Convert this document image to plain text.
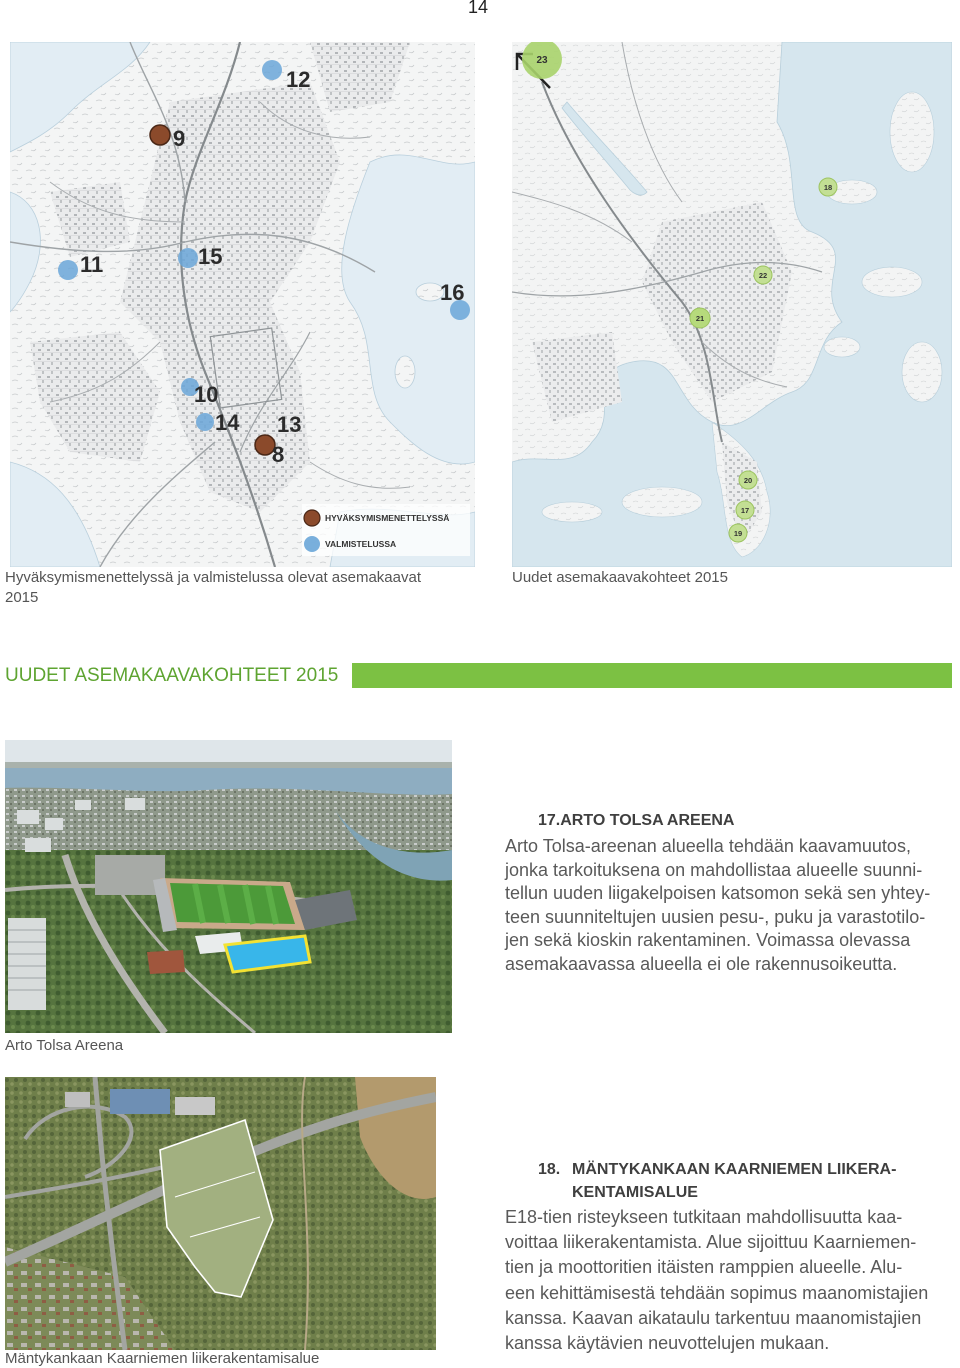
14
12
9
11	15
16
10
14 13
8
HYVÄKSYMISMENETTELYSSÄ
VALMISTELUSSA
23
18
22
21
20
17
19
Hyväksymismenettelyssä ja valmistelussa olevat asemakaavat 2015
Uudet asemakaavakohteet 2015
UUDET ASEMAKAAVAKOHTEET 2015
17.ARTO TOLSA AREENA
Arto Tolsa-areenan alueella tehdään kaavamuutos,
jonka tarkoituksena on mahdollistaa alueelle suunni-
tellun uuden liigakelpoisen katsomon sekä sen yhtey-
teen suunniteltujen uusien pesu-, puku ja varastotilo-
jen sekä kioskin rakentaminen. Voimassa olevassa
asemakaavassa alueella ei ole rakennusoikeutta.
Arto Tolsa Areena
18. MÄNTYKANKAAN KAARNIEMEN LIIKERA-
KENTAMISALUE
E18-tien risteykseen tutkitaan mahdollisuutta kaa-
voittaa liikerakentamista. Alue sijoittuu Kaarniemen-
tien ja moottoritien itäisten ramppien alueelle. Alu-
een kehittämisestä tehdään sopimus maanomistajien
kanssa. Kaavan aikataulu tarkentuu maanomistajien
kanssa käytävien neuvottelujen mukaan.
Mäntykankaan Kaarniemen liikerakentamisalue
